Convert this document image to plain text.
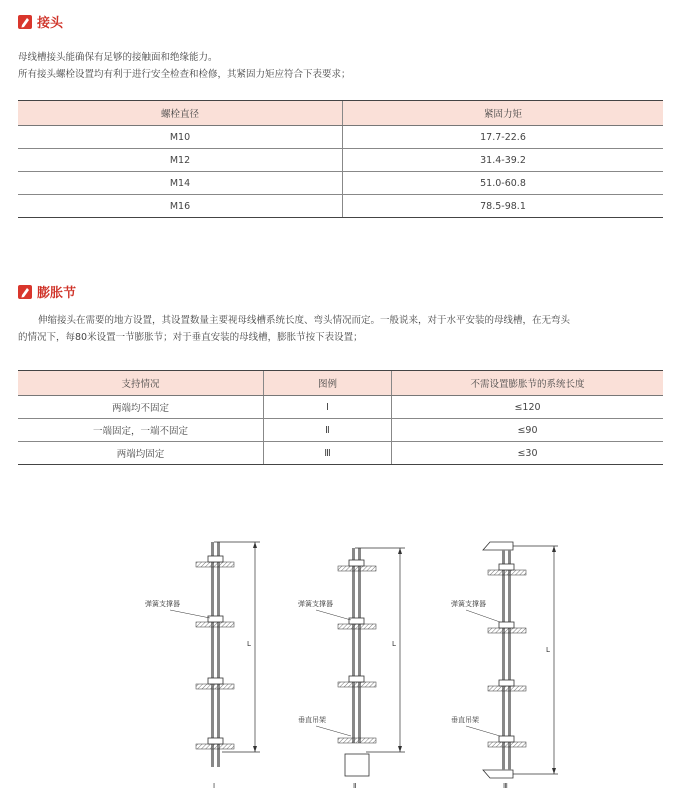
接头
母线槽接头能确保有足够的接触面和绝缘能力。
所有接头螺栓设置均有利于进行安全检查和检修，其紧固力矩应符合下表要求；
螺栓直径	紧固力矩
M10	17.7-22.6
M12	31.4-39.2
M14	51.0-60.8
M16	78.5-98.1
膨胀节
伸缩接头在需要的地方设置，其设置数量主要视母线槽系统长度、弯头情况而定。一般说来，对于水平安装的母线槽，在无弯头
的情况下，每80米设置一节膨胀节；对于垂直安装的母线槽，膨胀节按下表设置；
支持情况	图例	不需设置膨胀节的系统长度
两端均不固定	Ⅰ	≤120
一端固定，一端不固定	Ⅱ	≤90
两端均固定	Ⅲ	≤30
弹簧支撑器
L
Ⅰ
弹簧支撑器
垂直吊架
L
Ⅱ
弹簧支撑器
垂直吊架
L
Ⅲ
